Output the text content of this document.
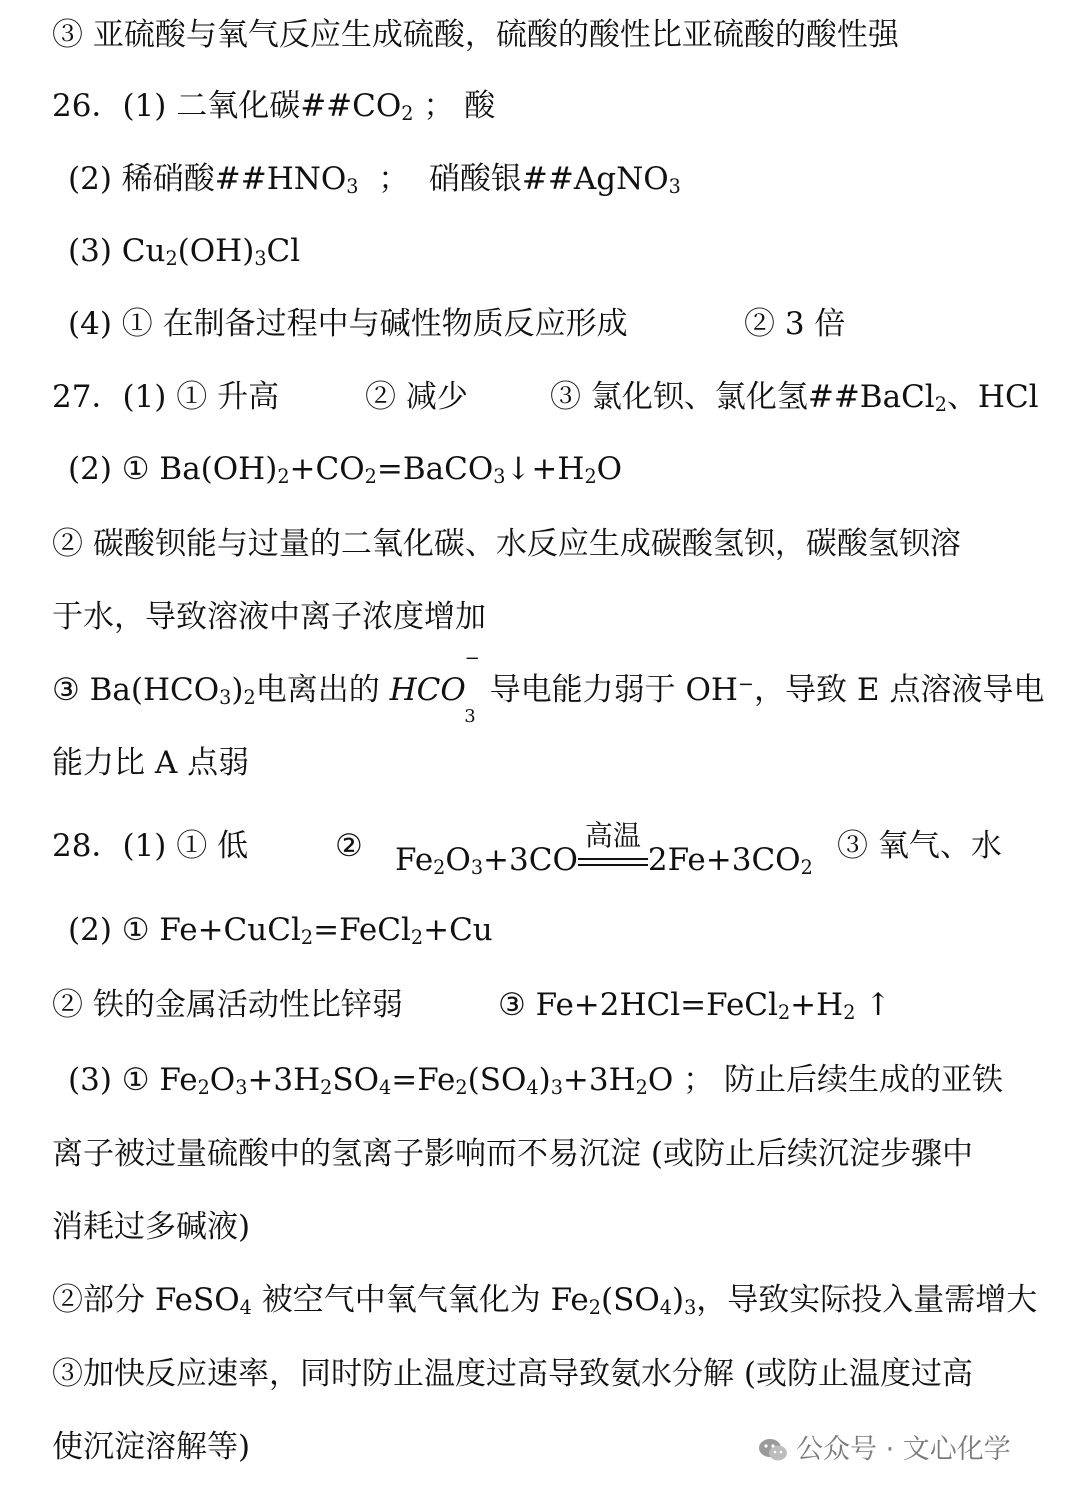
③ 亚硫酸与氧气反应生成硫酸，硫酸的酸性比亚硫酸的酸性强
26．(1) 二氧化碳$\#\#CO_2$ ； 酸
(2) 稀硝酸$\#\#HNO_3$  ；  硝酸银##AgNO$_3$
(3) $Cu_2(OH)_3Cl$
(4) ① 在制备过程中与碱性物质反应形成	② 3 倍
27．(1) ① 升高	② 减少	③ 氯化钡、氯化氢##BaCl$_2$、HCl
(2) ① $Ba(OH)_2+CO_2=BaCO_3↓+H_2O$
② 碳酸钡能与过量的二氧化碳、水反应生成碳酸氢钡，碳酸氢钡溶
于水，导致溶液中离子浓度增加
③ $Ba(HCO_3)_2$电离出的 HCO
−
3
导电能力弱于 OH−，导致 E 点溶液导电
能力比 A 点弱
28．(1) ① 低	② $Fe_2O_3+3CO$
高温
$2Fe+3CO_2$
③ 氧气、水
(2) ① Fe+CuCl$_2$=FeCl$_2$+Cu
② 铁的金属活动性比锌弱	③ $Fe+2HCl=FeCl_2+H_2$ ↑
(3) ① $Fe_2O_3+3H_2SO_4=Fe_2(SO_4)_3+3H_2O$ ； 防止后续生成的亚铁
离子被过量硫酸中的氢离子影响而不易沉淀 (或防止后续沉淀步骤中
消耗过多碱液)
②部分 FeSO$_4$ 被空气中氧气氧化为 $Fe_2(SO_4)_3$，导致实际投入量需增大
③加快反应速率，同时防止温度过高导致氨水分解 (或防止温度过高
使沉淀溶解等)	公众号 · 文心化学
